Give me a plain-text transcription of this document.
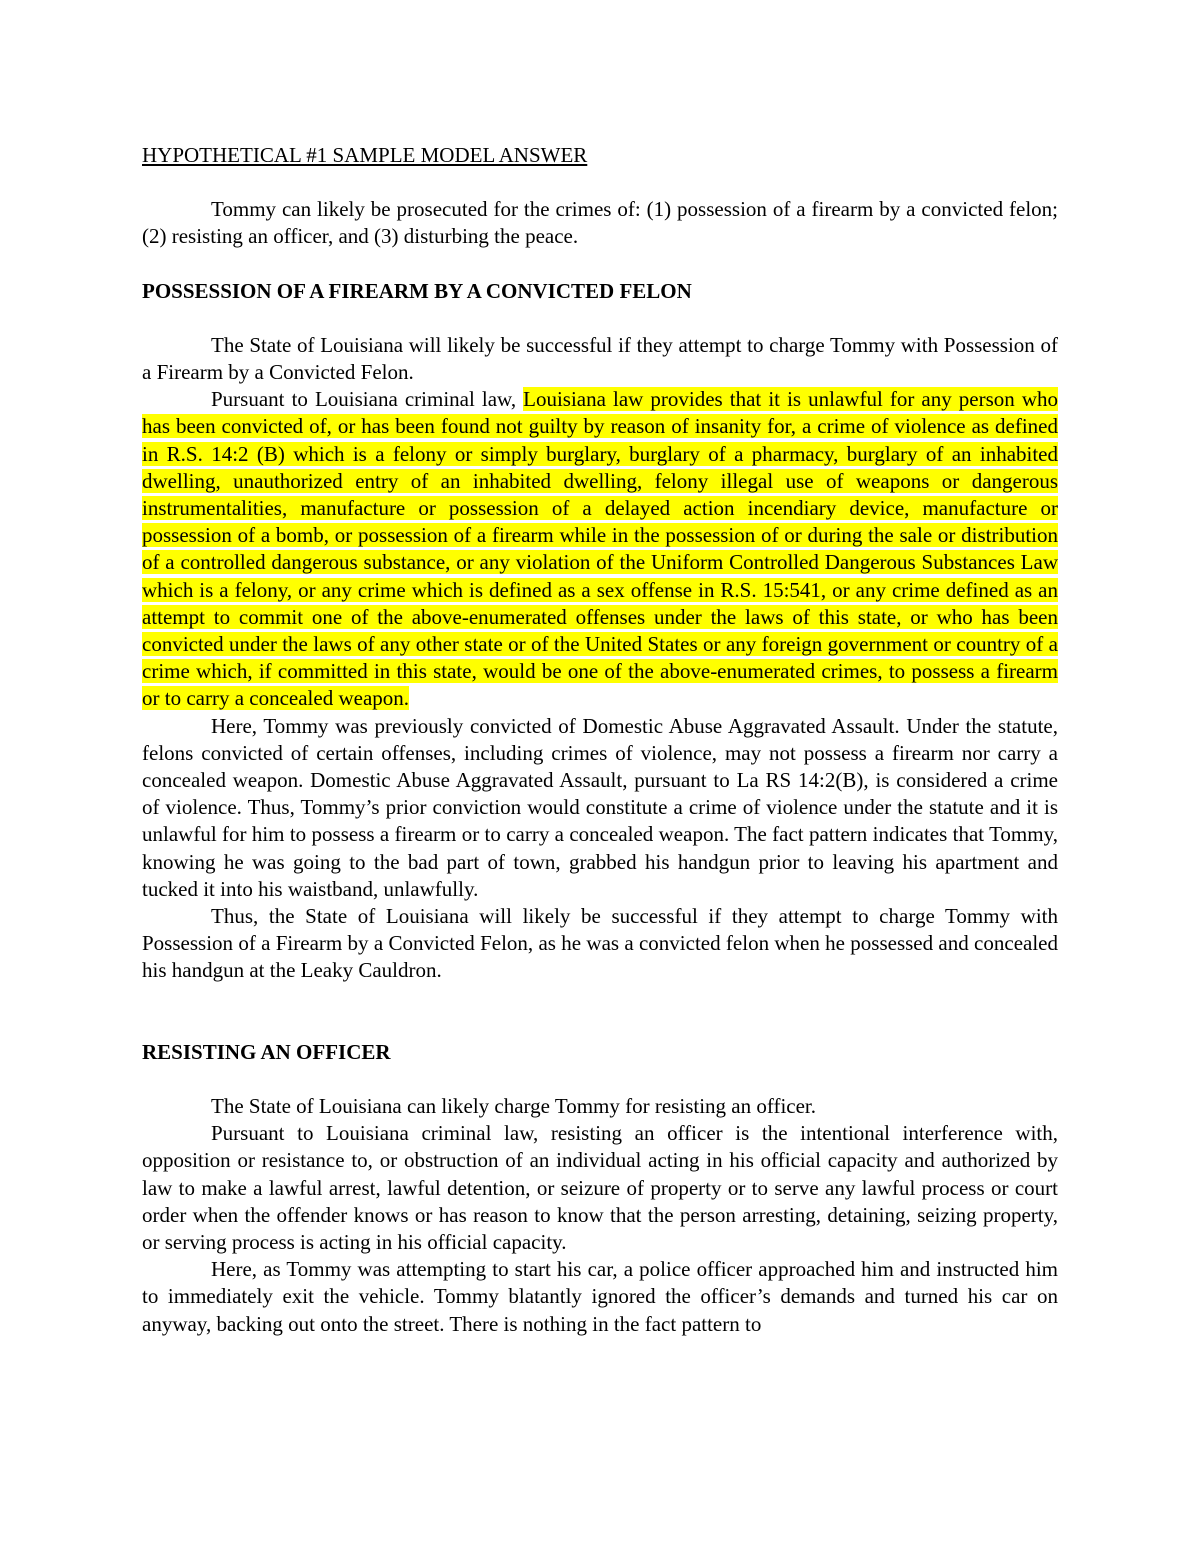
HYPOTHETICAL #1 SAMPLE MODEL ANSWER

Tommy can likely be prosecuted for the crimes of: (1) possession of a firearm by a convicted felon; (2) resisting an officer, and (3) disturbing the peace.

POSSESSION OF A FIREARM BY A CONVICTED FELON

The State of Louisiana will likely be successful if they attempt to charge Tommy with Possession of a Firearm by a Convicted Felon.

Pursuant to Louisiana criminal law, Louisiana law provides that it is unlawful for any person who has been convicted of, or has been found not guilty by reason of insanity for, a crime of violence as defined in R.S. 14:2 (B) which is a felony or simply burglary, burglary of a pharmacy, burglary of an inhabited dwelling, unauthorized entry of an inhabited dwelling, felony illegal use of weapons or dangerous instrumentalities, manufacture or possession of a delayed action incendiary device, manufacture or possession of a bomb, or possession of a firearm while in the possession of or during the sale or distribution of a controlled dangerous substance, or any violation of the Uniform Controlled Dangerous Substances Law which is a felony, or any crime which is defined as a sex offense in R.S. 15:541, or any crime defined as an attempt to commit one of the above-enumerated offenses under the laws of this state, or who has been convicted under the laws of any other state or of the United States or any foreign government or country of a crime which, if committed in this state, would be one of the above-enumerated crimes, to possess a firearm or to carry a concealed weapon.

Here, Tommy was previously convicted of Domestic Abuse Aggravated Assault. Under the statute, felons convicted of certain offenses, including crimes of violence, may not possess a firearm nor carry a concealed weapon. Domestic Abuse Aggravated Assault, pursuant to La RS 14:2(B), is considered a crime of violence. Thus, Tommy’s prior conviction would constitute a crime of violence under the statute and it is unlawful for him to possess a firearm or to carry a concealed weapon. The fact pattern indicates that Tommy, knowing he was going to the bad part of town, grabbed his handgun prior to leaving his apartment and tucked it into his waistband, unlawfully.

Thus, the State of Louisiana will likely be successful if they attempt to charge Tommy with Possession of a Firearm by a Convicted Felon, as he was a convicted felon when he possessed and concealed his handgun at the Leaky Cauldron.

RESISTING AN OFFICER

The State of Louisiana can likely charge Tommy for resisting an officer.

Pursuant to Louisiana criminal law, resisting an officer is the intentional interference with, opposition or resistance to, or obstruction of an individual acting in his official capacity and authorized by law to make a lawful arrest, lawful detention, or seizure of property or to serve any lawful process or court order when the offender knows or has reason to know that the person arresting, detaining, seizing property, or serving process is acting in his official capacity.

Here, as Tommy was attempting to start his car, a police officer approached him and instructed him to immediately exit the vehicle. Tommy blatantly ignored the officer’s demands and turned his car on anyway, backing out onto the street. There is nothing in the fact pattern to
